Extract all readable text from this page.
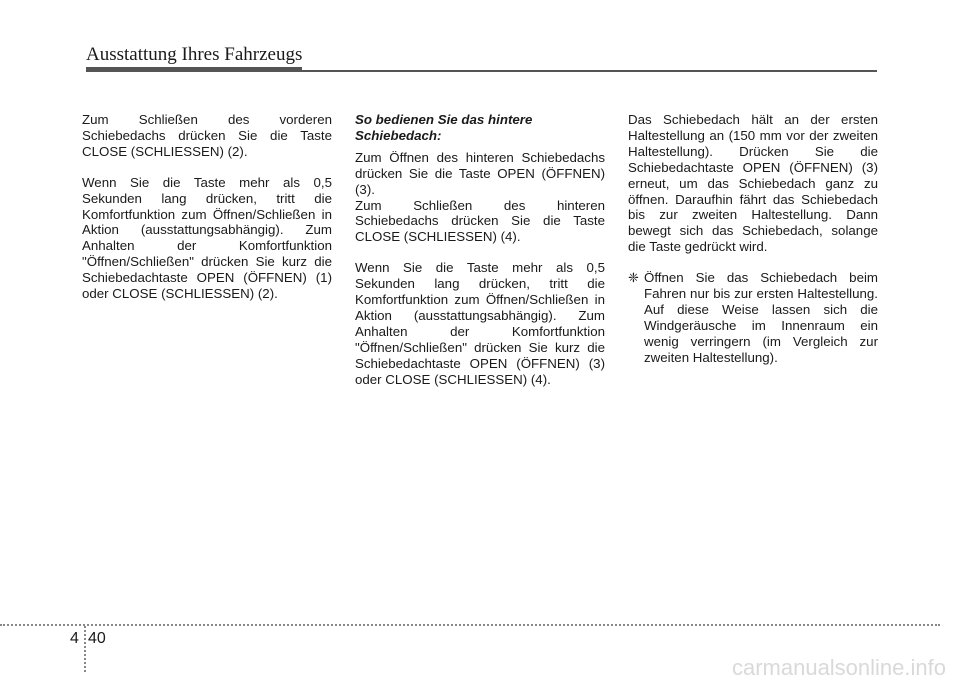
Ausstattung Ihres Fahrzeugs

Zum Schließen des vorderen Schiebedachs drücken Sie die Taste CLOSE (SCHLIESSEN) (2).

Wenn Sie die Taste mehr als 0,5 Sekunden lang drücken, tritt die Komfortfunktion zum Öffnen/Schließen in Aktion (ausstattungsabhängig). Zum Anhalten der Komfortfunktion "Öffnen/Schließen" drücken Sie kurz die Schiebedachtaste OPEN (ÖFFNEN) (1) oder CLOSE (SCHLIESSEN) (2).

So bedienen Sie das hintere Schiebedach:

Zum Öffnen des hinteren Schiebedachs drücken Sie die Taste OPEN (ÖFFNEN) (3).

Zum Schließen des hinteren Schiebedachs drücken Sie die Taste CLOSE (SCHLIESSEN) (4).

Wenn Sie die Taste mehr als 0,5 Sekunden lang drücken, tritt die Komfortfunktion zum Öffnen/Schließen in Aktion (ausstattungsabhängig). Zum Anhalten der Komfortfunktion "Öffnen/Schließen" drücken Sie kurz die Schiebedachtaste OPEN (ÖFFNEN) (3) oder CLOSE (SCHLIESSEN) (4).

Das Schiebedach hält an der ersten Haltestellung an (150 mm vor der zweiten Haltestellung). Drücken Sie die Schiebedachtaste OPEN (ÖFFNEN) (3) erneut, um das Schiebedach ganz zu öffnen. Daraufhin fährt das Schiebedach bis zur zweiten Haltestellung. Dann bewegt sich das Schiebedach, solange die Taste gedrückt wird.

❈ Öffnen Sie das Schiebedach beim Fahren nur bis zur ersten Haltestellung. Auf diese Weise lassen sich die Windgeräusche im Innenraum ein wenig verringern (im Vergleich zur zweiten Haltestellung).

4 40
carmanualsonline.info
